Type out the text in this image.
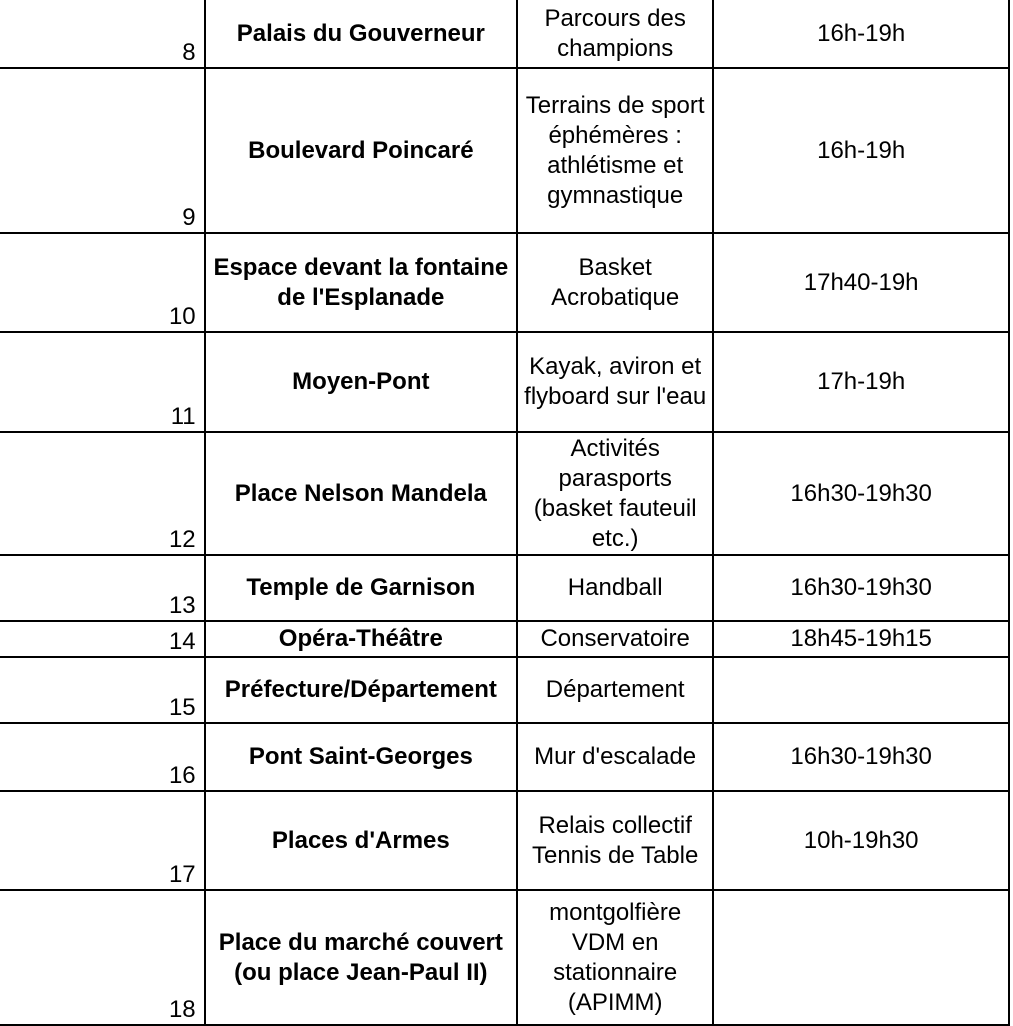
8	Palais du Gouverneur	Parcours des champions	16h-19h
9	Boulevard Poincaré	Terrains de sport éphémères : athlétisme et gymnastique	16h-19h
10	Espace devant la fontaine de l'Esplanade	Basket Acrobatique	17h40-19h
11	Moyen-Pont	Kayak, aviron et flyboard sur l'eau	17h-19h
12	Place Nelson Mandela	Activités parasports (basket fauteuil etc.)	16h30-19h30
13	Temple de Garnison	Handball	16h30-19h30
14	Opéra-Théâtre	Conservatoire	18h45-19h15
15	Préfecture/Département	Département	
16	Pont Saint-Georges	Mur d'escalade	16h30-19h30
17	Places d'Armes	Relais collectif Tennis de Table	10h-19h30
18	Place du marché couvert (ou place Jean-Paul II)	montgolfière VDM en stationnaire (APIMM)	
